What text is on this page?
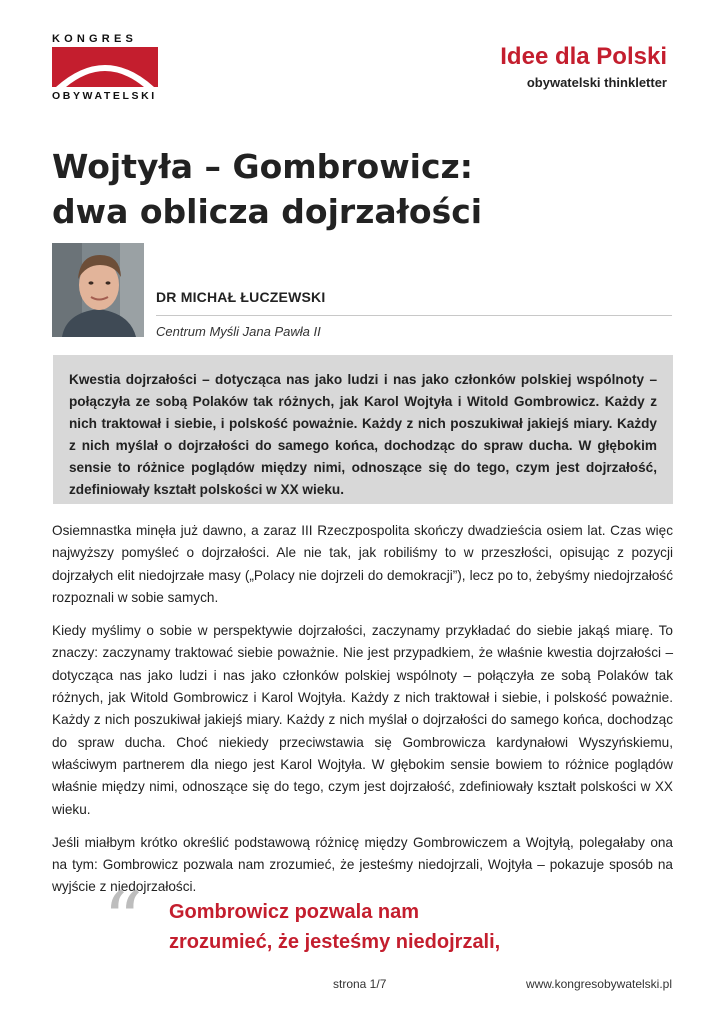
KONGRES
OBYWATELSKI
Idee dla Polski
obywatelski thinkletter
Wojtyła – Gombrowicz:
dwa oblicza dojrzałości
DR MICHAŁ ŁUCZEWSKI
Centrum Myśli Jana Pawła II

Kwestia dojrzałości – dotycząca nas jako ludzi i nas jako członków polskiej wspólnoty – połączyła ze sobą Polaków tak różnych, jak Karol Wojtyła i Witold Gombrowicz. Każdy z nich traktował i siebie, i polskość poważnie. Każdy z nich poszukiwał jakiejś miary. Każdy z nich myślał o dojrzałości do samego końca, dochodząc do spraw ducha. W głębokim sensie to różnice poglądów między nimi, odnoszące się do tego, czym jest dojrzałość, zdefiniowały kształt polskości w XX wieku.

Osiemnastka minęła już dawno, a zaraz III Rzeczpospolita skończy dwadzieścia osiem lat. Czas więc najwyższy pomyśleć o dojrzałości. Ale nie tak, jak robiliśmy to w przeszłości, opisując z pozycji dojrzałych elit niedojrzałe masy („Polacy nie dojrzeli do demokracji”), lecz po to, żebyśmy niedojrzałość rozpoznali w sobie samych.

Kiedy myślimy o sobie w perspektywie dojrzałości, zaczynamy przykładać do siebie jakąś miarę. To znaczy: zaczynamy traktować siebie poważnie. Nie jest przypadkiem, że właśnie kwestia dojrzałości – dotycząca nas jako ludzi i nas jako członków polskiej wspólnoty – połączyła ze sobą Polaków tak różnych, jak Witold Gombrowicz i Karol Wojtyła. Każdy z nich traktował i siebie, i polskość poważnie. Każdy z nich poszukiwał jakiejś miary. Każdy z nich myślał o dojrzałości do samego końca, dochodząc do spraw ducha. Choć niekiedy przeciwstawia się Gombrowicza kardynałowi Wyszyńskiemu, właściwym partnerem dla niego jest Karol Wojtyła. W głębokim sensie bowiem to różnice poglądów właśnie między nimi, odnoszące się do tego, czym jest dojrzałość, zdefiniowały kształt polskości w XX wieku.

Jeśli miałbym krótko określić podstawową różnicę między Gombrowiczem a Wojtyłą, polegałaby ona na tym: Gombrowicz pozwala nam zrozumieć, że jesteśmy niedojrzali, Wojtyła – pokazuje sposób na wyjście z niedojrzałości.

“ Gombrowicz pozwala nam
zrozumieć, że jesteśmy niedojrzali,
strona 1/7	www.kongresobywatelski.pl
